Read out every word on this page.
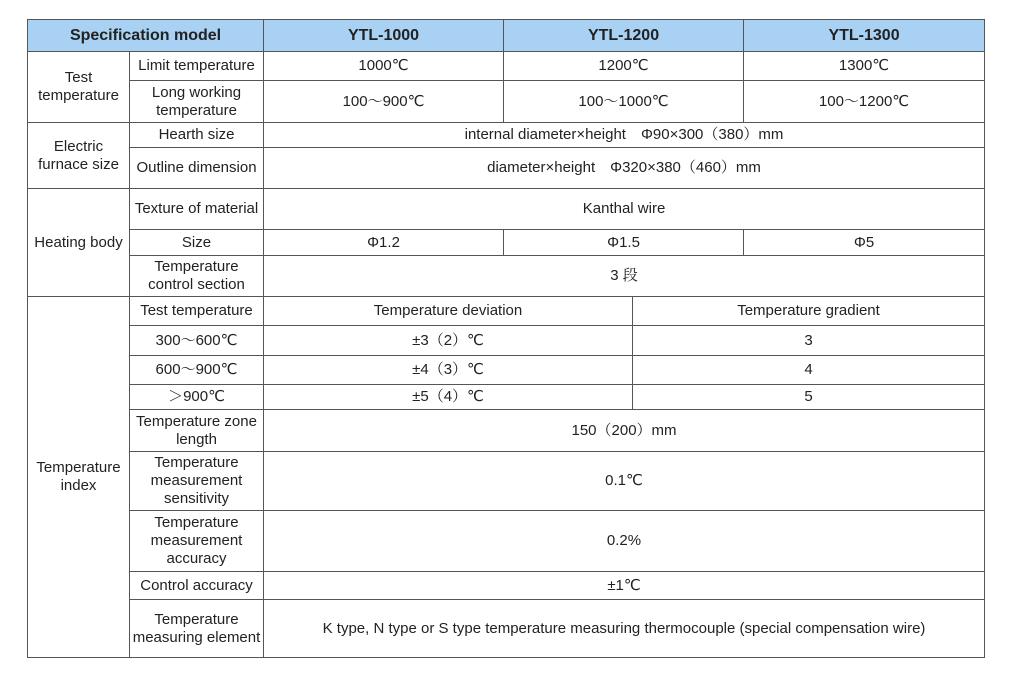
Specification model		YTL-1000	YTL-1200		YTL-1300
Test temperature	Limit temperature	1000℃	1200℃		1300℃
	Long working temperature	100～900℃	100～1000℃		100～1200℃
Electric furnace size	Hearth size	internal diameter×height　Φ90×300（380）mm			
	Outline dimension	diameter×height　Φ320×380（460）mm			
Heating body	Texture of material	Kanthal wire			
	Size	Φ1.2	Φ1.5		Φ5
	Temperature control section	3 段			
Temperature index	Test temperature	Temperature deviation		Temperature gradient	
	300～600℃	±3（2）℃		3	
	600～900℃	±4（3）℃		4	
	＞900℃	±5（4）℃		5	
	Temperature zone length	150（200）mm			
	Temperature measurement sensitivity	0.1℃			
	Temperature measurement accuracy	0.2%			
	Control accuracy	±1℃			
	Temperature measuring element	K type, N type or S type temperature measuring thermocouple (special compensation wire)			
